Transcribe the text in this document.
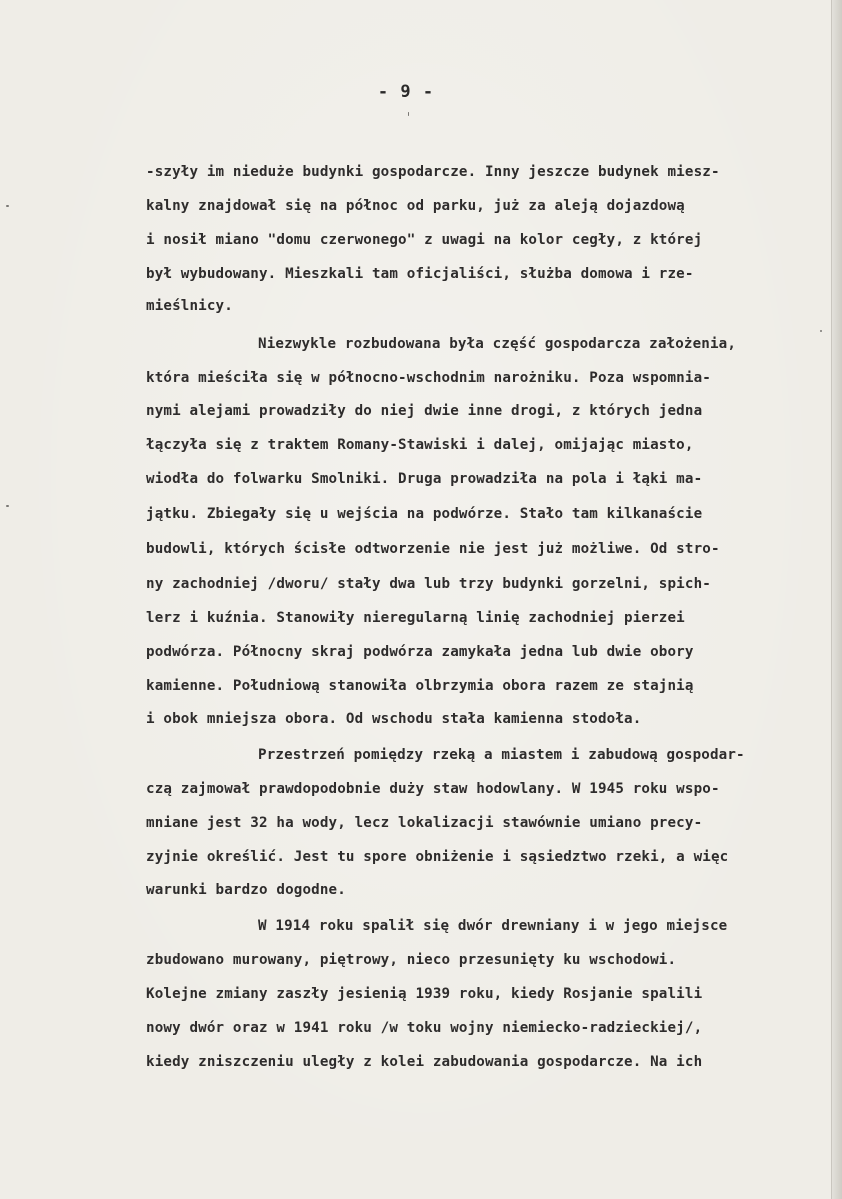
- 9 -
-szyły im nieduże budynki gospodarcze. Inny jeszcze budynek miesz-
kalny znajdował się na północ od parku, już za aleją dojazdową
i nosił miano "domu czerwonego" z uwagi na kolor cegły, z której
był wybudowany. Mieszkali tam oficjaliści, służba domowa i rze-
mieślnicy.
Niezwykle rozbudowana była część gospodarcza założenia,
która mieściła się w północno-wschodnim narożniku. Poza wspomnia-
nymi alejami prowadziły do niej dwie inne drogi, z których jedna
łączyła się z traktem Romany-Stawiski i dalej, omijając miasto,
wiodła do folwarku Smolniki. Druga prowadziła na pola i łąki ma-
jątku. Zbiegały się u wejścia na podwórze. Stało tam kilkanaście
budowli, których ścisłe odtworzenie nie jest już możliwe. Od stro-
ny zachodniej /dworu/ stały dwa lub trzy budynki gorzelni, spich-
lerz i kuźnia. Stanowiły nieregularną linię zachodniej pierzei
podwórza. Północny skraj podwórza zamykała jedna lub dwie obory
kamienne. Południową stanowiła olbrzymia obora razem ze stajnią
i obok mniejsza obora. Od wschodu stała kamienna stodoła.
Przestrzeń pomiędzy rzeką a miastem i zabudową gospodar-
czą zajmował prawdopodobnie duży staw hodowlany. W 1945 roku wspo-
mniane jest 32 ha wody, lecz lokalizacji stawównie umiano precy-
zyjnie określić. Jest tu spore obniżenie i sąsiedztwo rzeki, a więc
warunki bardzo dogodne.
W 1914 roku spalił się dwór drewniany i w jego miejsce
zbudowano murowany, piętrowy, nieco przesunięty ku wschodowi.
Kolejne zmiany zaszły jesienią 1939 roku, kiedy Rosjanie spalili
nowy dwór oraz w 1941 roku /w toku wojny niemiecko-radzieckiej/,
kiedy zniszczeniu uległy z kolei zabudowania gospodarcze. Na ich
